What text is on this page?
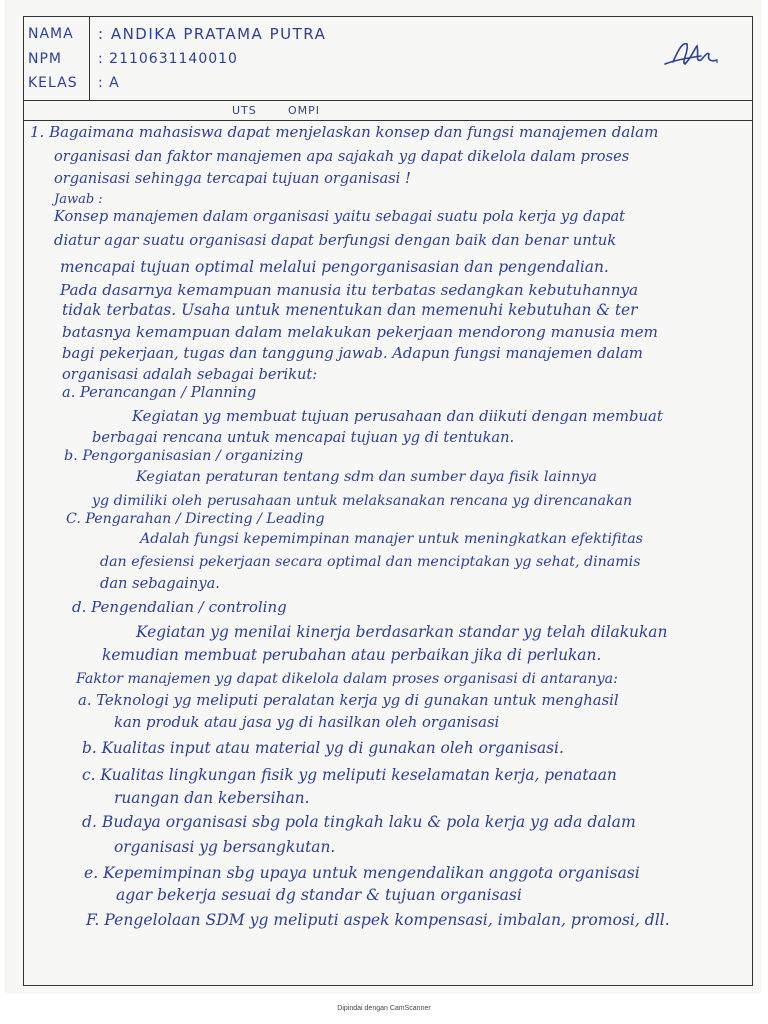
NAMA : ANDIKA PRATAMA PUTRA
NPM	: 2110631140010
KELAS : A
UTS	OMPI
1. Bagaimana mahasiswa dapat menjelaskan konsep dan fungsi manajemen dalam
organisasi dan faktor manajemen apa sajakah yg dapat dikelola dalam proses
organisasi sehingga tercapai tujuan organisasi !
Jawab :
Konsep manajemen dalam organisasi yaitu sebagai suatu pola kerja yg dapat
diatur agar suatu organisasi dapat berfungsi dengan baik dan benar untuk
mencapai tujuan optimal melalui pengorganisasian dan pengendalian.
Pada dasarnya kemampuan manusia itu terbatas sedangkan kebutuhannya
tidak terbatas. Usaha untuk menentukan dan memenuhi kebutuhan & ter
batasnya kemampuan dalam melakukan pekerjaan mendorong manusia mem
bagi pekerjaan, tugas dan tanggung jawab. Adapun fungsi manajemen dalam
organisasi adalah sebagai berikut:
a. Perancangan / Planning
Kegiatan yg membuat tujuan perusahaan dan diikuti dengan membuat
berbagai rencana untuk mencapai tujuan yg di tentukan.
b. Pengorganisasian / organizing
Kegiatan peraturan tentang sdm dan sumber daya fisik lainnya
yg dimiliki oleh perusahaan untuk melaksanakan rencana yg direncanakan
C. Pengarahan / Directing / Leading
Adalah fungsi kepemimpinan manajer untuk meningkatkan efektifitas
dan efesiensi pekerjaan secara optimal dan menciptakan yg sehat, dinamis
dan sebagainya.
d. Pengendalian / controling
Kegiatan yg menilai kinerja berdasarkan standar yg telah dilakukan
kemudian membuat perubahan atau perbaikan jika di perlukan.
Faktor manajemen yg dapat dikelola dalam proses organisasi di antaranya:
a. Teknologi yg meliputi peralatan kerja yg di gunakan untuk menghasil
kan produk atau jasa yg di hasilkan oleh organisasi
b. Kualitas input atau material yg di gunakan oleh organisasi.
c. Kualitas lingkungan fisik yg meliputi keselamatan kerja, penataan
ruangan dan kebersihan.
d. Budaya organisasi sbg pola tingkah laku & pola kerja yg ada dalam
organisasi yg bersangkutan.
e. Kepemimpinan sbg upaya untuk mengendalikan anggota organisasi
agar bekerja sesuai dg standar & tujuan organisasi
F. Pengelolaan SDM yg meliputi aspek kompensasi, imbalan, promosi, dll.
Dipindai dengan CamScanner
